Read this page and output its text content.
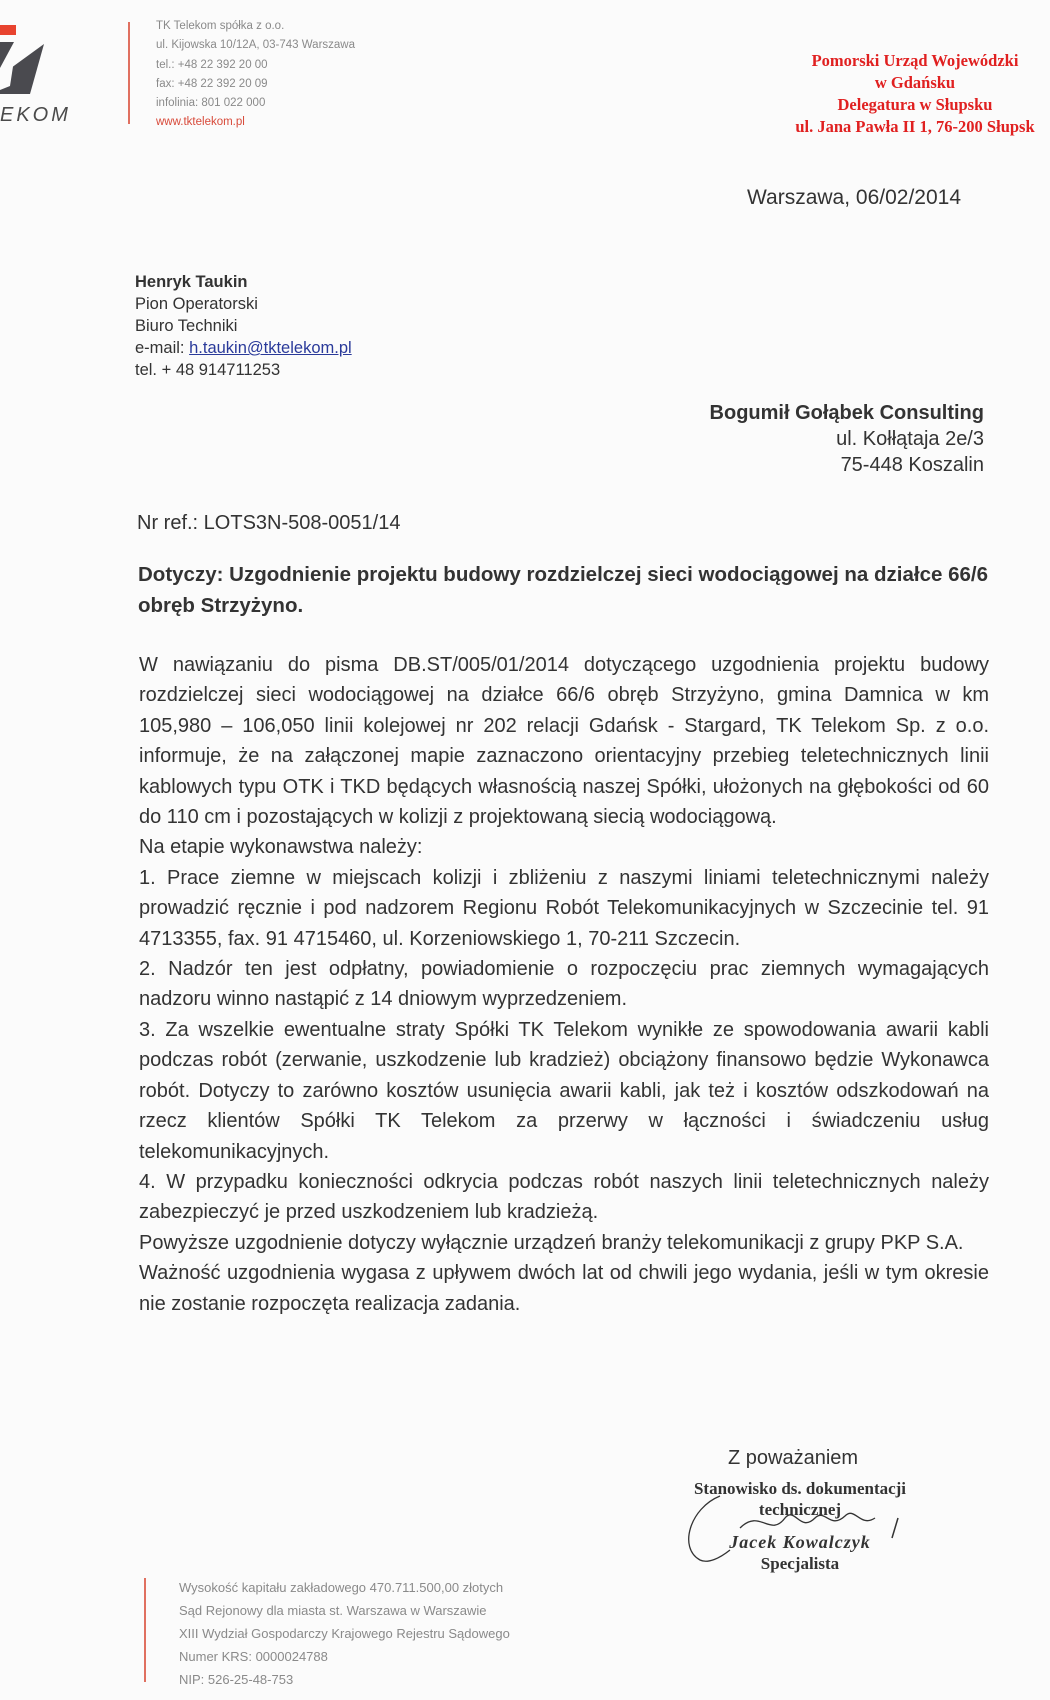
EKOM
TK Telekom spółka z o.o.
ul. Kijowska 10/12A, 03-743 Warszawa
tel.: +48 22 392 20 00
fax: +48 22 392 20 09
infolinia: 801 022 000
www.tktelekom.pl
Pomorski Urząd Wojewódzki
w Gdańsku
Delegatura w Słupsku
ul. Jana Pawła II 1, 76-200 Słupsk
Warszawa, 06/02/2014
Henryk Taukin
Pion Operatorski
Biuro Techniki
e-mail: h.taukin@tktelekom.pl
tel. + 48 914711253
Bogumił Gołąbek Consulting
ul. Kołłątaja 2e/3
75-448 Koszalin
Nr ref.: LOTS3N-508-0051/14
Dotyczy: Uzgodnienie projektu budowy rozdzielczej sieci wodociągowej na działce 66/6 obręb Strzyżyno.

W nawiązaniu do pisma DB.ST/005/01/2014 dotyczącego uzgodnienia projektu budowy rozdzielczej sieci wodociągowej na działce 66/6 obręb Strzyżyno, gmina Damnica w km 105,980 – 106,050 linii kolejowej nr 202 relacji Gdańsk - Stargard, TK Telekom Sp. z o.o. informuje, że na załączonej mapie zaznaczono orientacyjny przebieg teletechnicznych linii kablowych typu OTK i TKD będących własnością naszej Spółki, ułożonych na głębokości od 60 do 110 cm i pozostających w kolizji z projektowaną siecią wodociągową.

Na etapie wykonawstwa należy:

1. Prace ziemne w miejscach kolizji i zbliżeniu z naszymi liniami teletechnicznymi należy prowadzić ręcznie i pod nadzorem Regionu Robót Telekomunikacyjnych w Szczecinie tel. 91 4713355, fax. 91 4715460, ul. Korzeniowskiego 1, 70-211 Szczecin.

2. Nadzór ten jest odpłatny, powiadomienie o rozpoczęciu prac ziemnych wymagających nadzoru winno nastąpić z 14 dniowym wyprzedzeniem.

3. Za wszelkie ewentualne straty Spółki TK Telekom wynikłe ze spowodowania awarii kabli podczas robót (zerwanie, uszkodzenie lub kradzież) obciążony finansowo będzie Wykonawca robót. Dotyczy to zarówno kosztów usunięcia awarii kabli, jak też i kosztów odszkodowań na rzecz klientów Spółki TK Telekom za przerwy w łączności i świadczeniu usług telekomunikacyjnych.

4. W przypadku konieczności odkrycia podczas robót naszych linii teletechnicznych należy zabezpieczyć je przed uszkodzeniem lub kradzieżą.

Powyższe uzgodnienie dotyczy wyłącznie urządzeń branży telekomunikacji z grupy PKP S.A.

Ważność uzgodnienia wygasa z upływem dwóch lat od chwili jego wydania, jeśli w tym okresie nie zostanie rozpoczęta realizacja zadania.

Z poważaniem
Stanowisko ds. dokumentacji
technicznej
Jacek Kowalczyk
Specjalista
Wysokość kapitału zakładowego 470.711.500,00 złotych
Sąd Rejonowy dla miasta st. Warszawa w Warszawie
XIII Wydział Gospodarczy Krajowego Rejestru Sądowego
Numer KRS: 0000024788
NIP: 526-25-48-753
